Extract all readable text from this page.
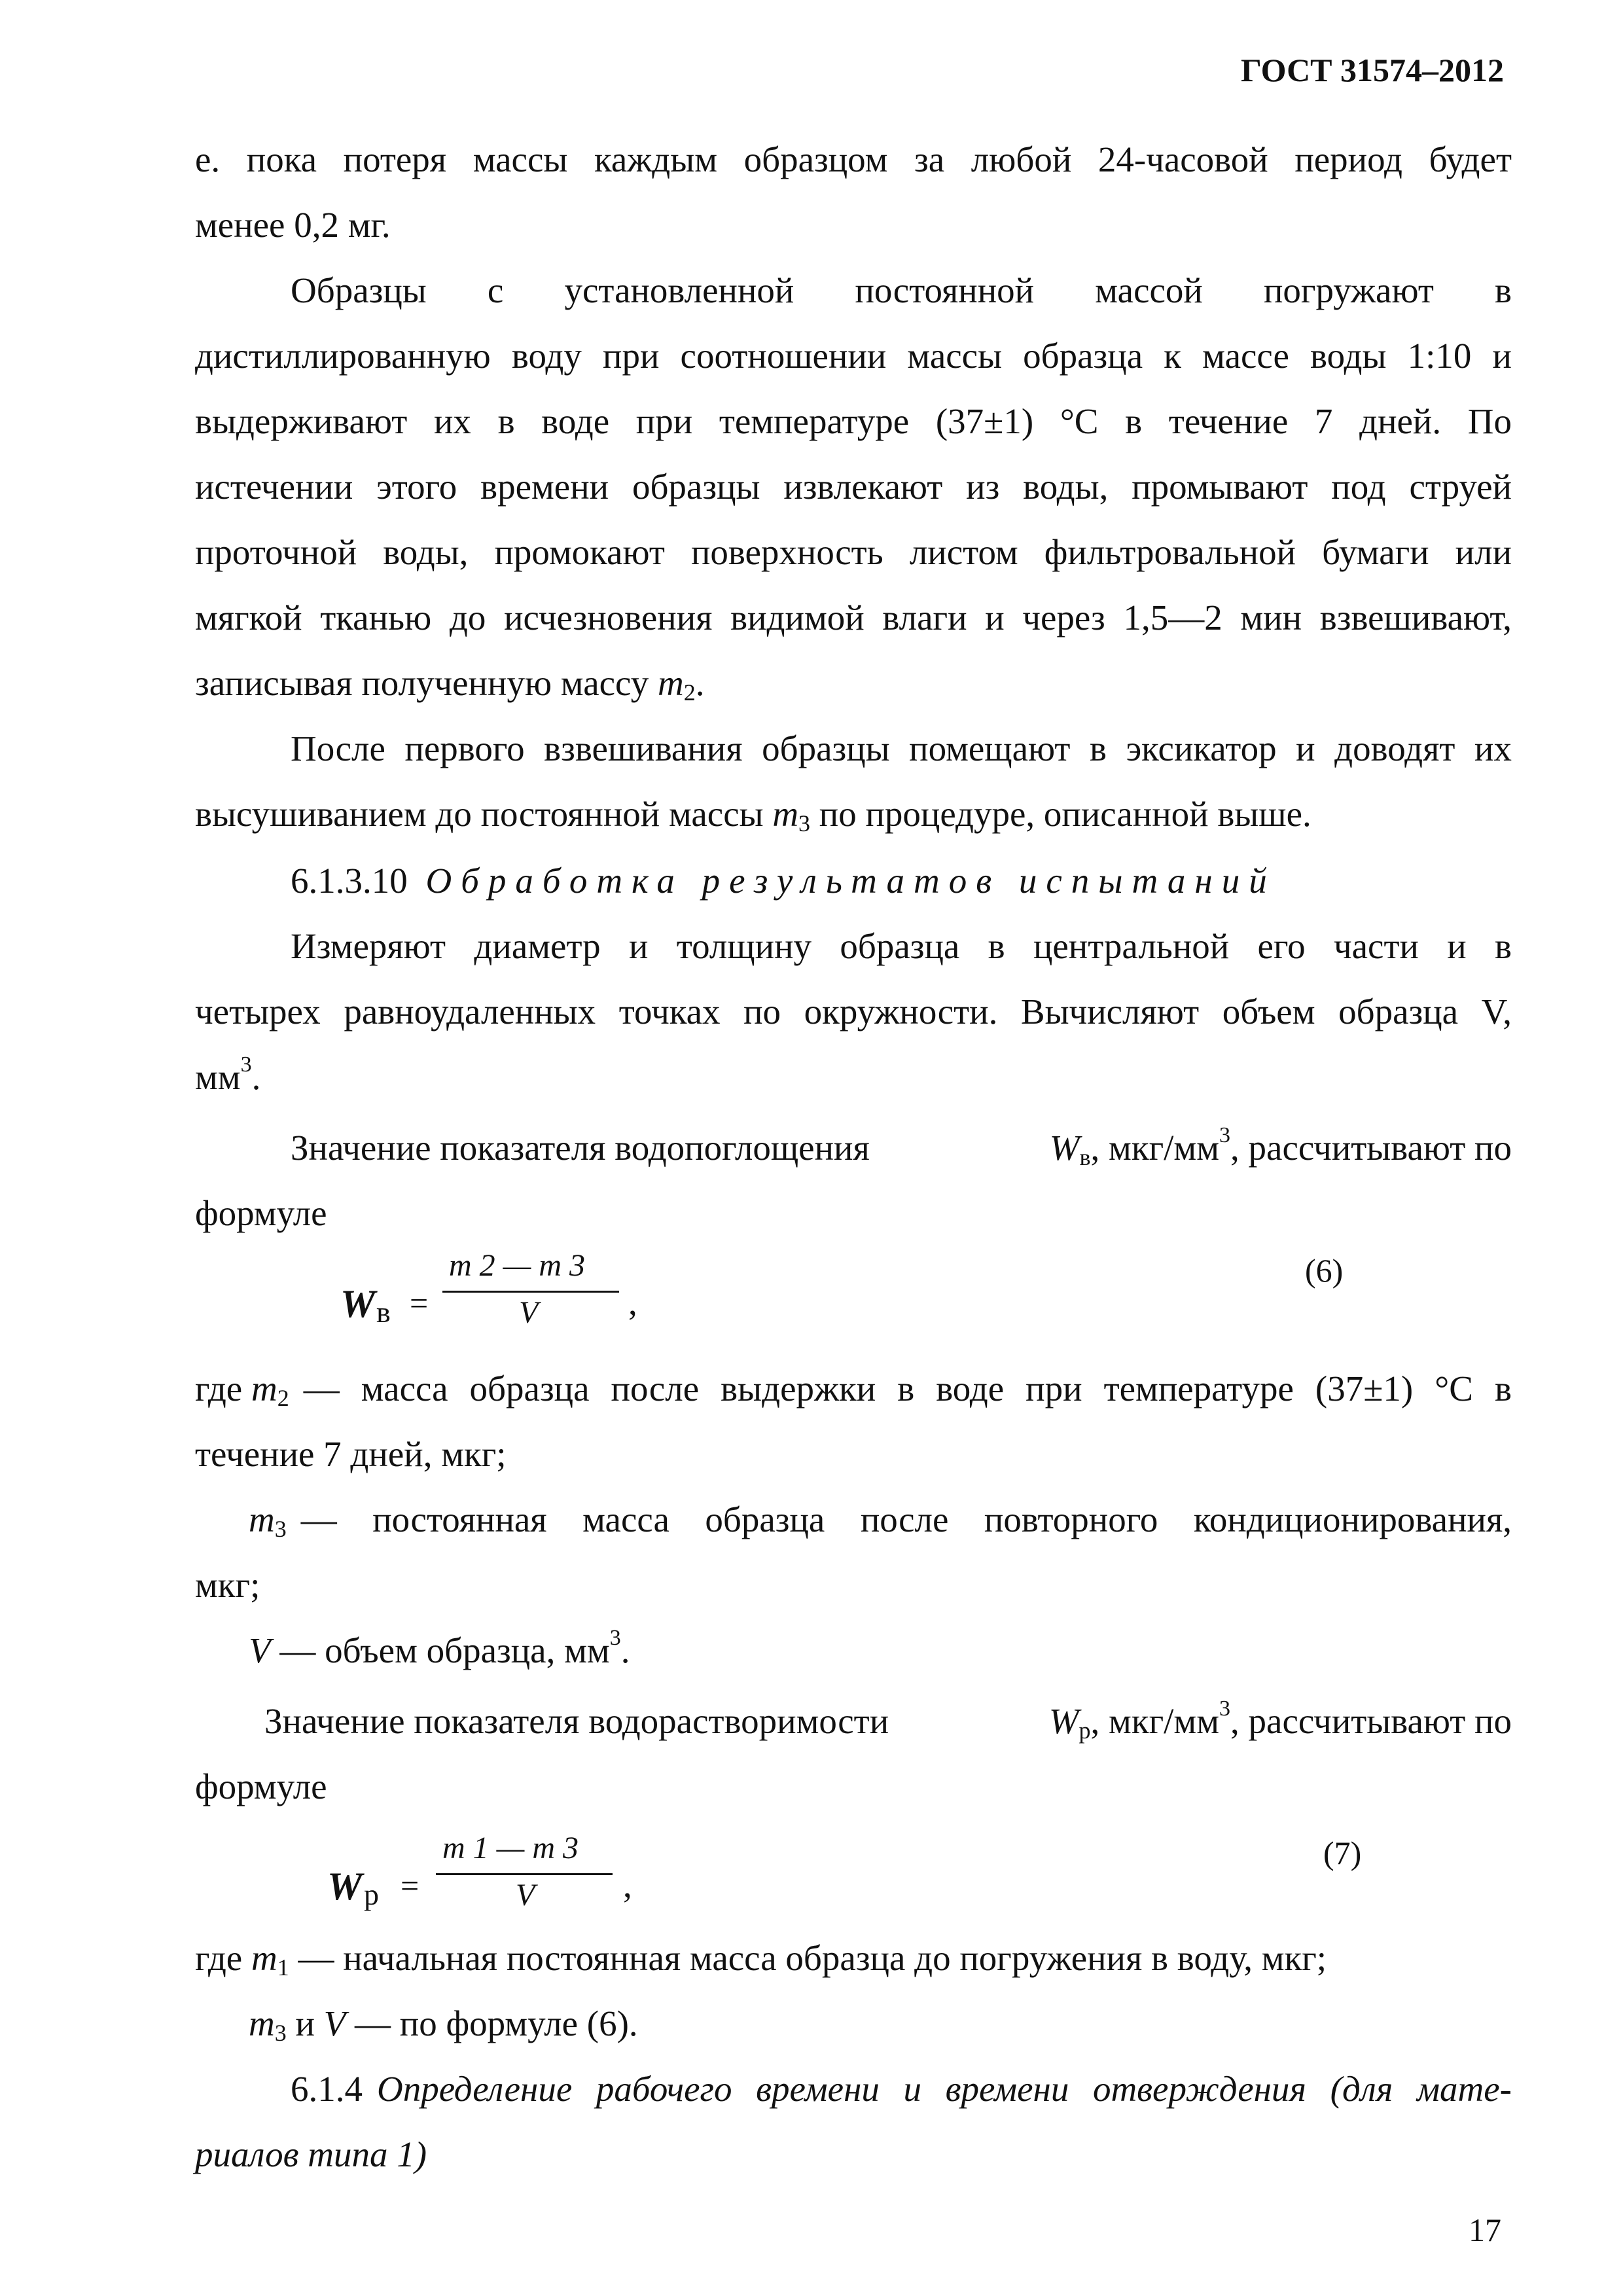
ГОСТ 31574–2012
е. пока потеря массы каждым образцом за любой 24-часовой период будет
менее 0,2 мг.
Образцы с установленной постоянной массой погружают в
дистиллированную воду при соотношении массы образца к массе воды 1:10 и
выдерживают их в воде при температуре (37±1) °С в течение 7 дней. По
истечении этого времени образцы извлекают из воды, промывают под струей
проточной воды, промокают поверхность листом фильтровальной бумаги или
мягкой тканью до исчезновения видимой влаги и через 1,5—2 мин взвешивают,
записывая полученную массу $m_2$.
После первого взвешивания образцы помещают в эксикатор и доводят их
высушиванием до постоянной массы $m_3$ по процедуре, описанной выше.
6.1.3.10 Обработка результатов испытаний
Измеряют диаметр и толщину образца в центральной его части и в
четырех равноудаленных точках по окружности. Вычисляют объем образца V,
$мм^3$.
Значение показателя водопоглощения	$W_в$, мкг/$мм^3$, рассчитывают по
формуле
W в =
m 2 — m 3
V	,
(6)
где $m_2$ — масса образца после выдержки в воде при температуре (37±1) °С в
течение 7 дней, мкг;
$m_3$ — постоянная масса образца после повторного кондиционирования,
мкг;
V — объем образца, $мм^3$.
Значение показателя водорастворимости	$W_р$, мкг/$мм^3$, рассчитывают по
формуле
W р =
m 1 — m 3
V ,
(7)
где $m_1$ — начальная постоянная масса образца до погружения в воду, мкг;
$m_3$ и V — по формуле (6).
6.1.4 Определение рабочего времени и времени отверждения (для мате-
риалов типа 1)
17
